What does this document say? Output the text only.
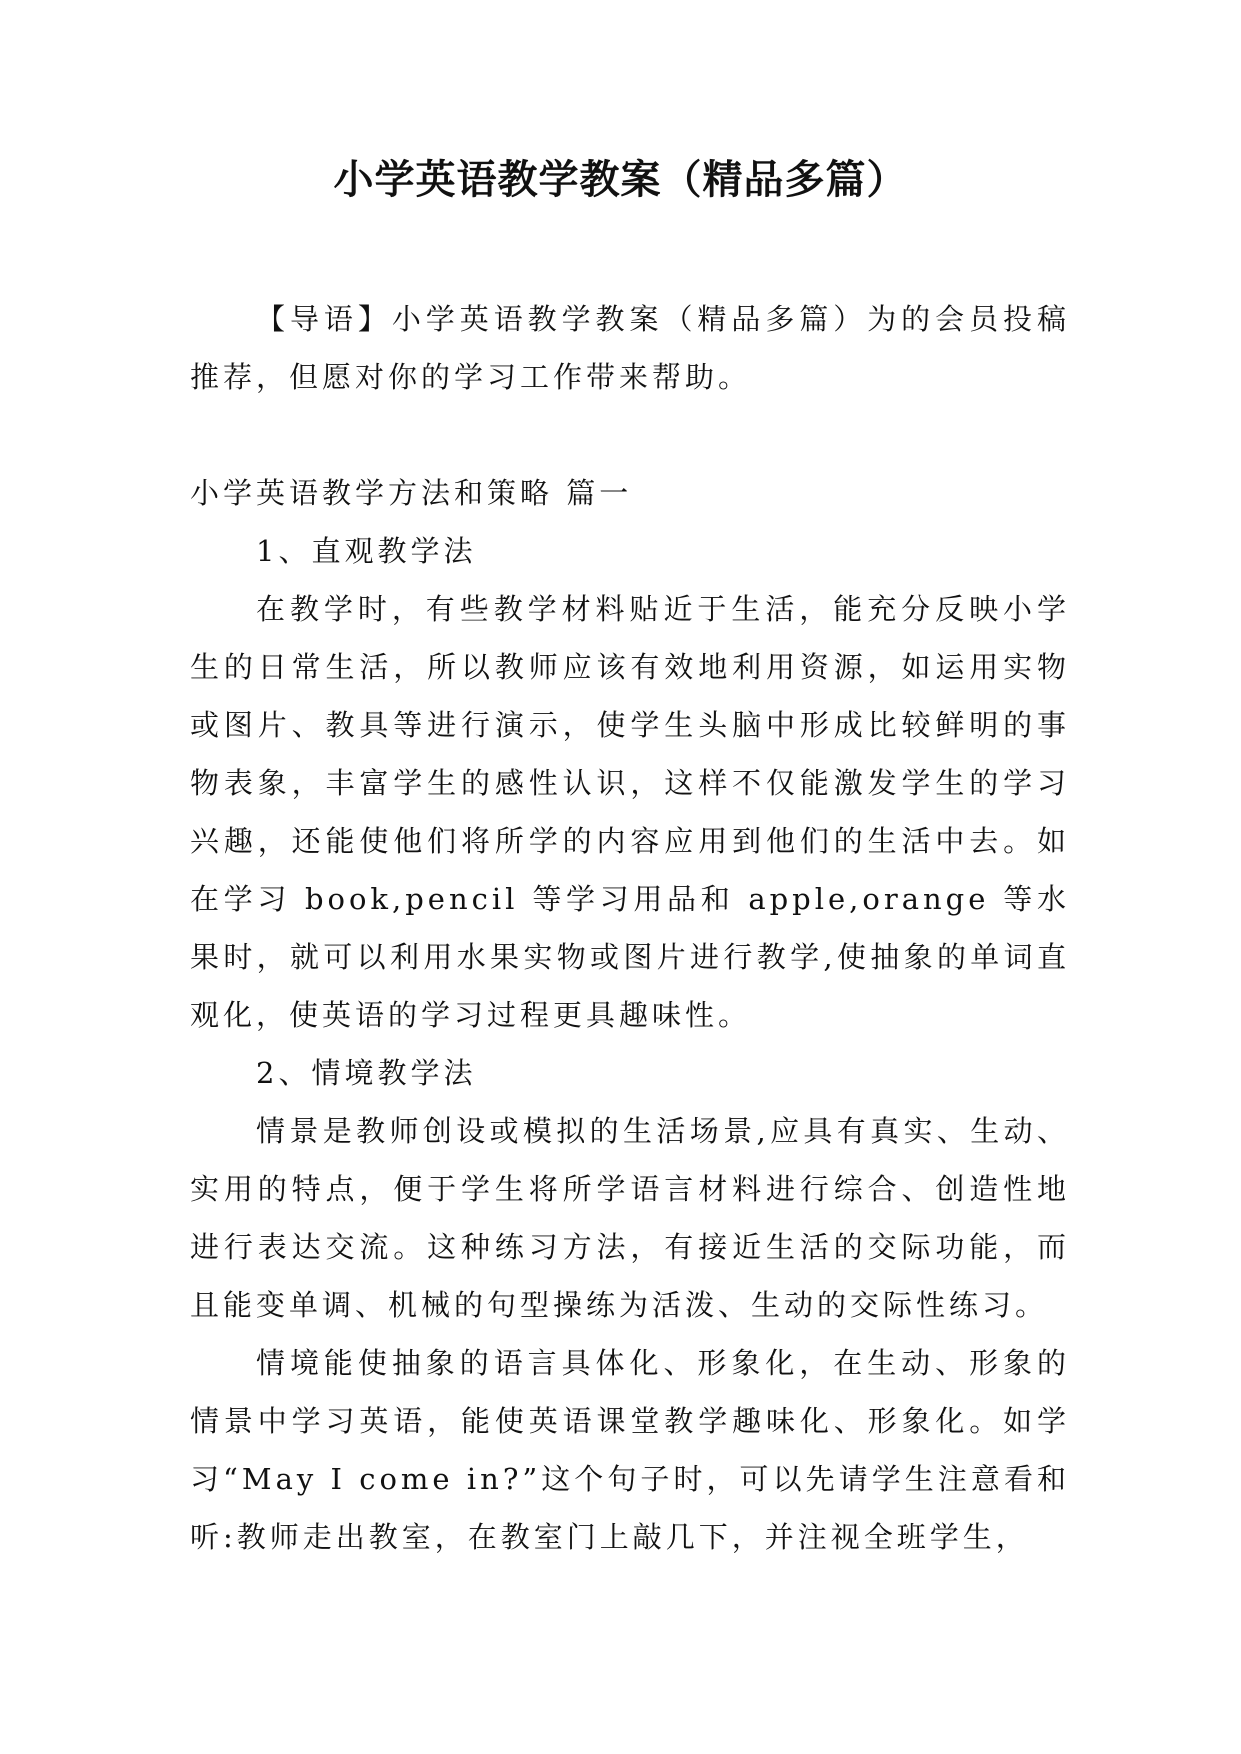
小学英语教学教案（精品多篇）

【导语】小学英语教学教案（精品多篇）为的会员投稿推荐，但愿对你的学习工作带来帮助。

小学英语教学方法和策略 篇一

1、直观教学法

在教学时，有些教学材料贴近于生活，能充分反映小学生的日常生活，所以教师应该有效地利用资源，如运用实物或图片、教具等进行演示，使学生头脑中形成比较鲜明的事物表象，丰富学生的感性认识，这样不仅能激发学生的学习兴趣，还能使他们将所学的内容应用到他们的生活中去。如在学习 book,pencil 等学习用品和 apple,orange 等水果时，就可以利用水果实物或图片进行教学,使抽象的单词直观化，使英语的学习过程更具趣味性。

2、情境教学法

情景是教师创设或模拟的生活场景,应具有真实、生动、实用的特点，便于学生将所学语言材料进行综合、创造性地进行表达交流。这种练习方法，有接近生活的交际功能，而且能变单调、机械的句型操练为活泼、生动的交际性练习。

情境能使抽象的语言具体化、形象化，在生动、形象的情景中学习英语，能使英语课堂教学趣味化、形象化。如学习“May I come in?”这个句子时，可以先请学生注意看和听:教师走出教室，在教室门上敲几下，并注视全班学生，
